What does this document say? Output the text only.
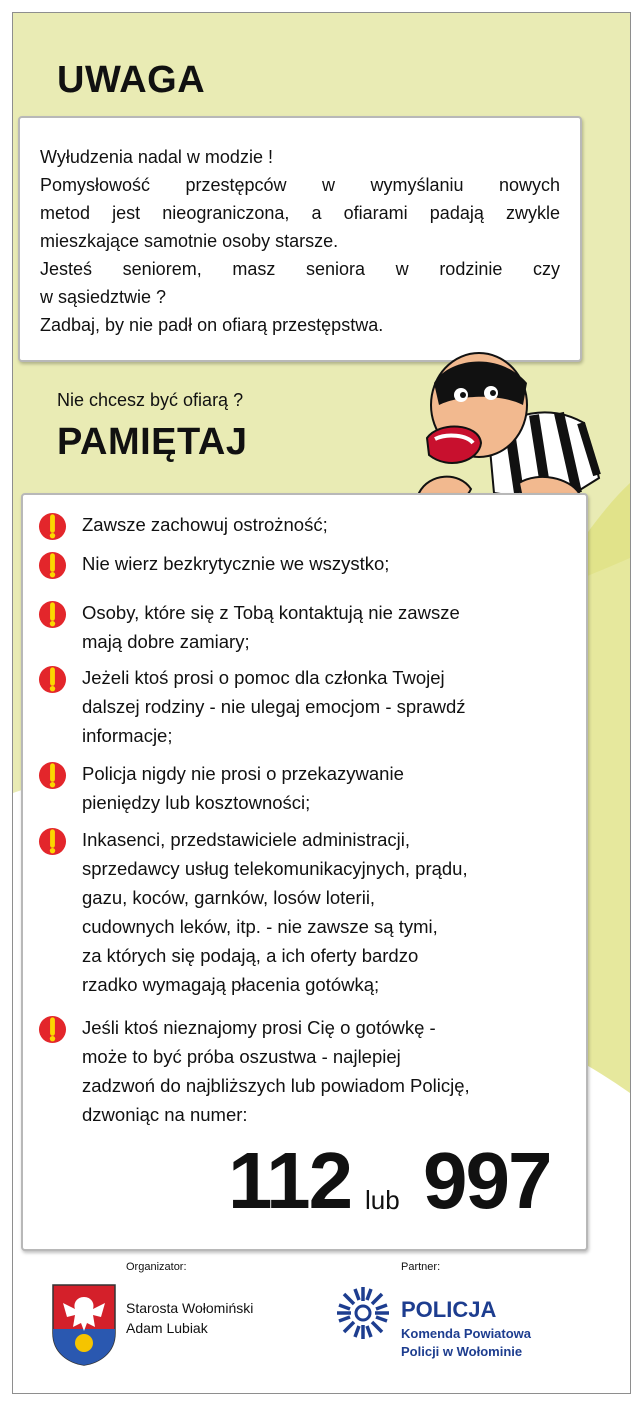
UWAGA

Wyłudzenia nadal w modzie !

Pomysłowość przestępców w wymyślaniu nowych

metod jest nieograniczona, a ofiarami padają zwykle

mieszkające samotnie osoby starsze.

Jesteś seniorem, masz seniora w rodzinie czy

w sąsiedztwie ?

Zadbaj, by nie padł on ofiarą przestępstwa.

Nie chcesz być ofiarą ?
PAMIĘTAJ
Zawsze zachowuj ostrożność;
Nie wierz bezkrytycznie we wszystko;
Osoby, które się z Tobą kontaktują nie zawsze
mają dobre zamiary;
Jeżeli ktoś prosi o pomoc dla członka Twojej
dalszej rodziny - nie ulegaj emocjom - sprawdź
informacje;
Policja nigdy nie prosi o przekazywanie
pieniędzy lub kosztowności;
Inkasenci, przedstawiciele administracji,
sprzedawcy usług telekomunikacyjnych, prądu,
gazu, koców, garnków, losów loterii,
cudownych leków, itp. - nie zawsze są tymi,
za których się podają, a ich oferty bardzo
rzadko wymagają płacenia gotówką;
Jeśli ktoś nieznajomy prosi Cię o gotówkę -
może to być próba oszustwa - najlepiej
zadzwoń do najbliższych lub powiadom Policję,
dzwoniąc na numer:
112 lub 997
Organizator:
Starosta Wołomiński
Adam Lubiak
Partner:
POLICJA
Komenda Powiatowa
Policji w Wołominie
